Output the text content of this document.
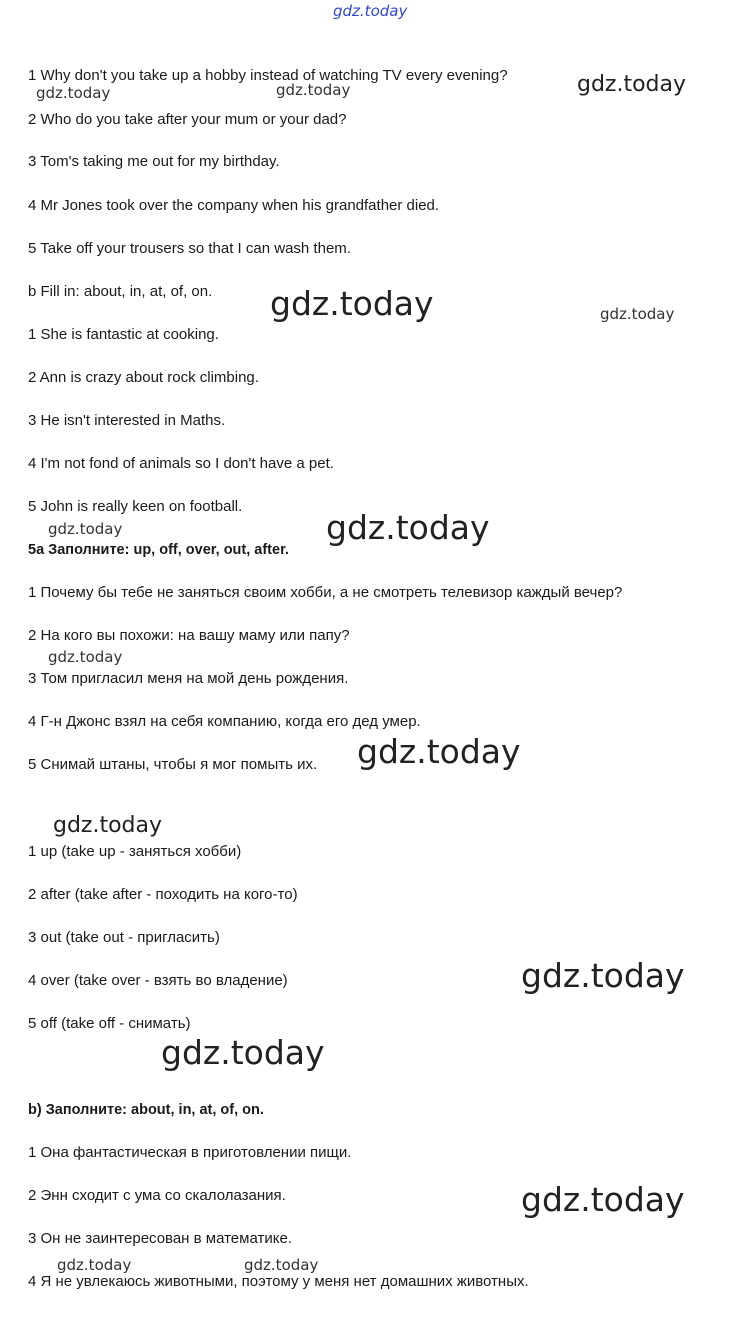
gdz.today
1 Why don't you take up a hobby instead of watching TV every evening?
2 Who do you take after your mum or your dad?
3 Tom's taking me out for my birthday.
4 Mr Jones took over the company when his grandfather died.
5 Take off your trousers so that I can wash them.
b Fill in: about, in, at, of, on.
1 She is fantastic at cooking.
2 Ann is crazy about rock climbing.
3 He isn't interested in Maths.
4 I'm not fond of animals so I don't have a pet.
5 John is really keen on football.
5a Заполните: up, off, over, out, after.
1 Почему бы тебе не заняться своим хобби, а не смотреть телевизор каждый вечер?
2 На кого вы похожи: на вашу маму или папу?
3 Том пригласил меня на мой день рождения.
4 Г-н Джонс взял на себя компанию, когда его дед умер.
5 Снимай штаны, чтобы я мог помыть их.
1 up (take up - заняться хобби)
2 after (take after - походить на кого-то)
3 out (take out - пригласить)
4 over (take over - взять во владение)
5 off (take off - снимать)
b) Заполните: about, in, at, of, on.
1 Она фантастическая в приготовлении пищи.
2 Энн сходит с ума со скалолазания.
3 Он не заинтересован в математике.
4 Я не увлекаюсь животными, поэтому у меня нет домашних животных.
gdz.today	gdz.today	gdz.today
gdz.today	gdz.today
gdz.today	gdz.today
gdz.today
gdz.today
gdz.today
gdz.today
gdz.today
gdz.today
gdz.today	gdz.today
